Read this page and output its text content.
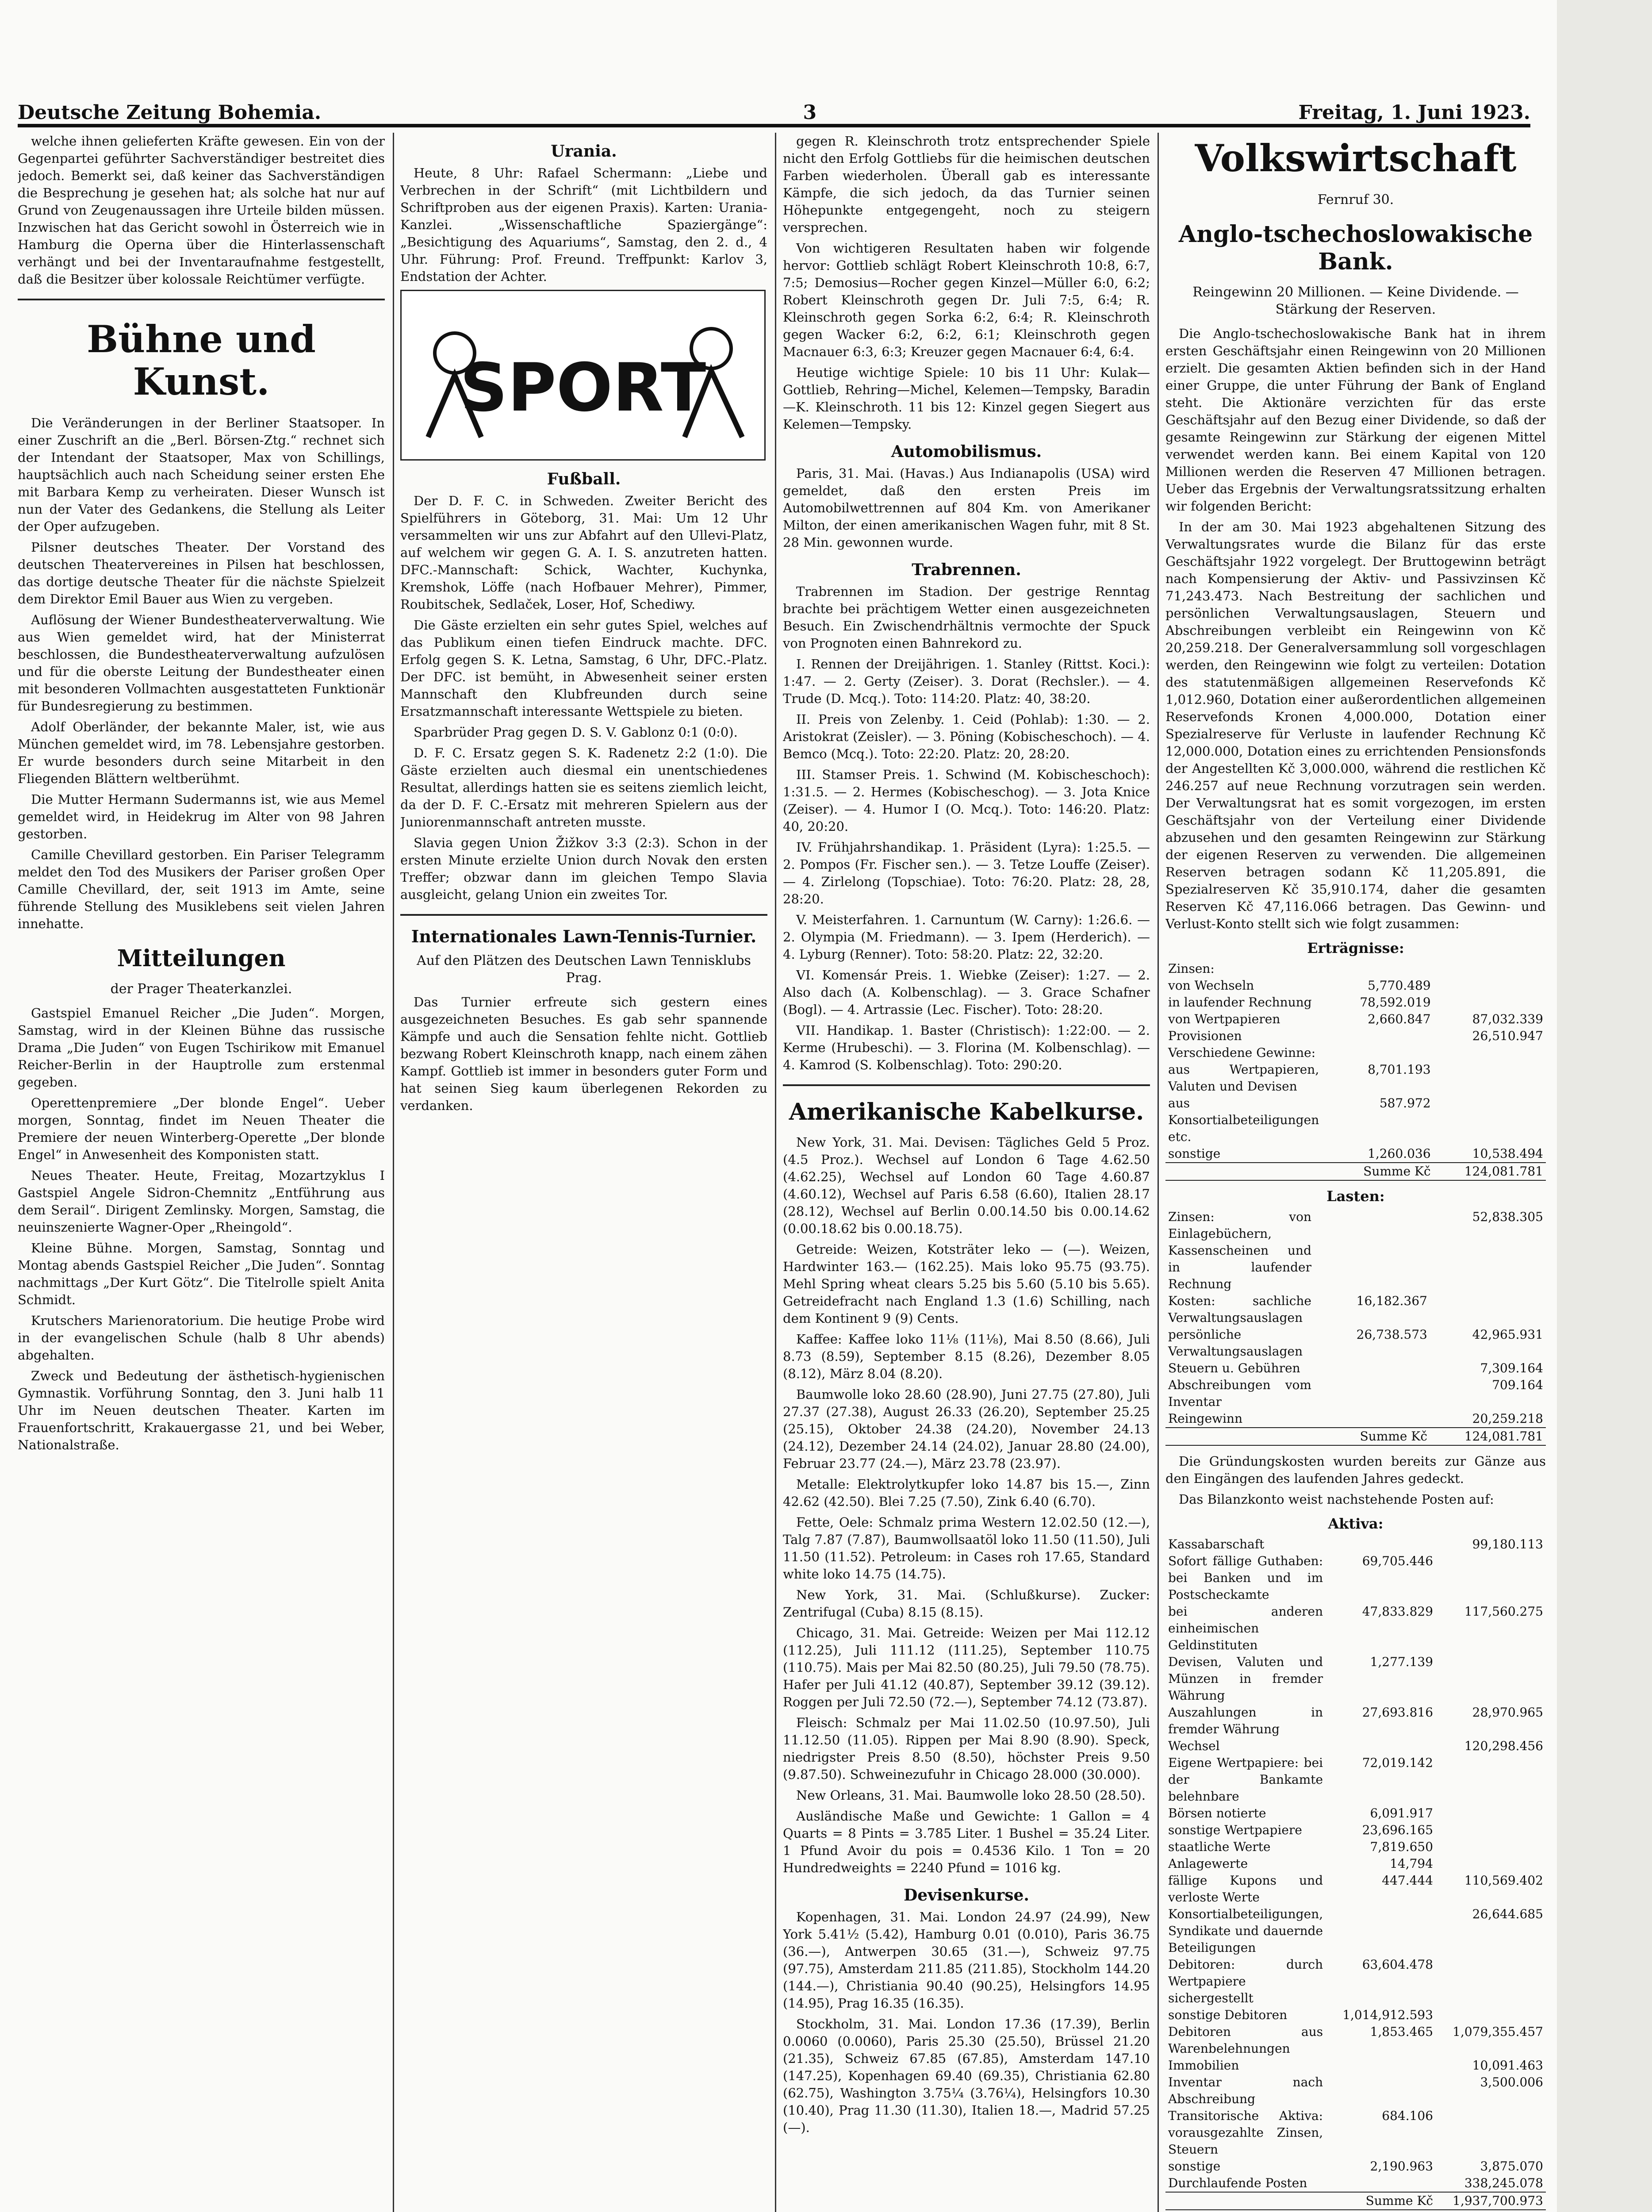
Deutsche Zeitung Bohemia.	3	Freitag, 1. Juni 1923.

welche ihnen gelieferten Kräfte gewesen. Ein von der Gegenpartei geführter Sachverständiger bestreitet dies jedoch. Bemerkt sei, daß keiner das Sachverständigen die Besprechung je gesehen hat; als solche hat nur auf Grund von Zeugenaussagen ihre Urteile bilden müssen. Inzwischen hat das Gericht sowohl in Österreich wie in Hamburg die Operna über die Hinterlassenschaft verhängt und bei der Inventaraufnahme festgestellt, daß die Besitzer über kolossale Reichtümer verfügte.

Bühne und Kunst.

Die Veränderungen in der Berliner Staatsoper. In einer Zuschrift an die „Berl. Börsen-Ztg.“ rechnet sich der Intendant der Staatsoper, Max von Schillings, hauptsächlich auch nach Scheidung seiner ersten Ehe mit Barbara Kemp zu verheiraten. Dieser Wunsch ist nun der Vater des Gedankens, die Stellung als Leiter der Oper aufzugeben.

Pilsner deutsches Theater. Der Vorstand des deutschen Theatervereines in Pilsen hat beschlossen, das dortige deutsche Theater für die nächste Spielzeit dem Direktor Emil Bauer aus Wien zu vergeben.

Auflösung der Wiener Bundestheaterverwaltung. Wie aus Wien gemeldet wird, hat der Ministerrat beschlossen, die Bundestheaterverwaltung aufzulösen und für die oberste Leitung der Bundestheater einen mit besonderen Vollmachten ausgestatteten Funktionär für Bundesregierung zu bestimmen.

Adolf Oberländer, der bekannte Maler, ist, wie aus München gemeldet wird, im 78. Lebensjahre gestorben. Er wurde besonders durch seine Mitarbeit in den Fliegenden Blättern weltberühmt.

Die Mutter Hermann Sudermanns ist, wie aus Memel gemeldet wird, in Heidekrug im Alter von 98 Jahren gestorben.

Camille Chevillard gestorben. Ein Pariser Telegramm meldet den Tod des Musikers der Pariser großen Oper Camille Chevillard, der, seit 1913 im Amte, seine führende Stellung des Musiklebens seit vielen Jahren innehatte.

Mitteilungen
der Prager Theaterkanzlei.

Gastspiel Emanuel Reicher „Die Juden“. Morgen, Samstag, wird in der Kleinen Bühne das russische Drama „Die Juden“ von Eugen Tschirikow mit Emanuel Reicher-Berlin in der Hauptrolle zum erstenmal gegeben.

Operettenpremiere „Der blonde Engel“. Ueber morgen, Sonntag, findet im Neuen Theater die Premiere der neuen Winterberg-Operette „Der blonde Engel“ in Anwesenheit des Komponisten statt.

Neues Theater. Heute, Freitag, Mozartzyklus I Gastspiel Angele Sidron-Chemnitz „Entführung aus dem Serail“. Dirigent Zemlinsky. Morgen, Samstag, die neuinszenierte Wagner-Oper „Rheingold“.

Kleine Bühne. Morgen, Samstag, Sonntag und Montag abends Gastspiel Reicher „Die Juden“. Sonntag nachmittags „Der Kurt Götz“. Die Titelrolle spielt Anita Schmidt.

Krutschers Marienoratorium. Die heutige Probe wird in der evangelischen Schule (halb 8 Uhr abends) abgehalten.

Zweck und Bedeutung der ästhetisch-hygienischen Gymnastik. Vorführung Sonntag, den 3. Juni halb 11 Uhr im Neuen deutschen Theater. Karten im Frauenfortschritt, Krakauergasse 21, und bei Weber, Nationalstraße.

Urania.

Heute, 8 Uhr: Rafael Schermann: „Liebe und Verbrechen in der Schrift“ (mit Lichtbildern und Schriftproben aus der eigenen Praxis). Karten: Urania-Kanzlei. „Wissenschaftliche Spaziergänge“: „Besichtigung des Aquariums“, Samstag, den 2. d., 4 Uhr. Führung: Prof. Freund. Treffpunkt: Karlov 3, Endstation der Achter.

SPORT
Fußball.

Der D. F. C. in Schweden. Zweiter Bericht des Spielführers in Göteborg, 31. Mai: Um 12 Uhr versammelten wir uns zur Abfahrt auf den Ullevi-Platz, auf welchem wir gegen G. A. I. S. anzutreten hatten. DFC.-Mannschaft: Schick, Wachter, Kuchynka, Kremshok, Löffe (nach Hofbauer Mehrer), Pimmer, Roubitschek, Sedlaček, Loser, Hof, Schediwy.

Die Gäste erzielten ein sehr gutes Spiel, welches auf das Publikum einen tiefen Eindruck machte. DFC. Erfolg gegen S. K. Letna, Samstag, 6 Uhr, DFC.-Platz. Der DFC. ist bemüht, in Abwesenheit seiner ersten Mannschaft den Klubfreunden durch seine Ersatzmannschaft interessante Wettspiele zu bieten.

Sparbrüder Prag gegen D. S. V. Gablonz 0:1 (0:0).

D. F. C. Ersatz gegen S. K. Radenetz 2:2 (1:0). Die Gäste erzielten auch diesmal ein unentschiedenes Resultat, allerdings hatten sie es seitens ziemlich leicht, da der D. F. C.-Ersatz mit mehreren Spielern aus der Juniorenmannschaft antreten musste.

Slavia gegen Union Žižkov 3:3 (2:3). Schon in der ersten Minute erzielte Union durch Novak den ersten Treffer; obzwar dann im gleichen Tempo Slavia ausgleicht, gelang Union ein zweites Tor.

Internationales Lawn-Tennis-Turnier.
Auf den Plätzen des Deutschen Lawn Tennisklubs Prag.

Das Turnier erfreute sich gestern eines ausgezeichneten Besuches. Es gab sehr spannende Kämpfe und auch die Sensation fehlte nicht. Gottlieb bezwang Robert Kleinschroth knapp, nach einem zähen Kampf. Gottlieb ist immer in besonders guter Form und hat seinen Sieg kaum überlegenen Rekorden zu verdanken.

gegen R. Kleinschroth trotz entsprechender Spiele nicht den Erfolg Gottliebs für die heimischen deutschen Farben wiederholen. Überall gab es interessante Kämpfe, die sich jedoch, da das Turnier seinen Höhepunkte entgegengeht, noch zu steigern versprechen.

Von wichtigeren Resultaten haben wir folgende hervor: Gottlieb schlägt Robert Kleinschroth 10:8, 6:7, 7:5; Demosius—Rocher gegen Kinzel—Müller 6:0, 6:2; Robert Kleinschroth gegen Dr. Juli 7:5, 6:4; R. Kleinschroth gegen Sorka 6:2, 6:4; R. Kleinschroth gegen Wacker 6:2, 6:2, 6:1; Kleinschroth gegen Macnauer 6:3, 6:3; Kreuzer gegen Macnauer 6:4, 6:4.

Heutige wichtige Spiele: 10 bis 11 Uhr: Kulak—Gottlieb, Rehring—Michel, Kelemen—Tempsky, Baradin—K. Kleinschroth. 11 bis 12: Kinzel gegen Siegert aus Kelemen—Tempsky.

Automobilismus.

Paris, 31. Mai. (Havas.) Aus Indianapolis (USA) wird gemeldet, daß den ersten Preis im Automobilwettrennen auf 804 Km. von Amerikaner Milton, der einen amerikanischen Wagen fuhr, mit 8 St. 28 Min. gewonnen wurde.

Trabrennen.

Trabrennen im Stadion. Der gestrige Renntag brachte bei prächtigem Wetter einen ausgezeichneten Besuch. Ein Zwischendrhältnis vermochte der Spuck von Prognoten einen Bahnrekord zu.

I. Rennen der Dreijährigen. 1. Stanley (Rittst. Koci.): 1:47. — 2. Gerty (Zeiser). 3. Dorat (Rechsler.). — 4. Trude (D. Mcq.). Toto: 114:20. Platz: 40, 38:20.

II. Preis von Zelenby. 1. Ceid (Pohlab): 1:30. — 2. Aristokrat (Zeisler). — 3. Pöning (Kobischeschoch). — 4. Bemco (Mcq.). Toto: 22:20. Platz: 20, 28:20.

III. Stamser Preis. 1. Schwind (M. Kobischeschoch): 1:31.5. — 2. Hermes (Kobischeschog). — 3. Jota Knice (Zeiser). — 4. Humor I (O. Mcq.). Toto: 146:20. Platz: 40, 20:20.

IV. Frühjahrshandikap. 1. Präsident (Lyra): 1:25.5. — 2. Pompos (Fr. Fischer sen.). — 3. Tetze Louffe (Zeiser). — 4. Zirlelong (Topschiae). Toto: 76:20. Platz: 28, 28, 28:20.

V. Meisterfahren. 1. Carnuntum (W. Carny): 1:26.6. — 2. Olympia (M. Friedmann). — 3. Ipem (Herderich). — 4. Lyburg (Renner). Toto: 58:20. Platz: 22, 32:20.

VI. Komensár Preis. 1. Wiebke (Zeiser): 1:27. — 2. Also dach (A. Kolbenschlag). — 3. Grace Schafner (Bogl). — 4. Artrassie (Lec. Fischer). Toto: 28:20.

VII. Handikap. 1. Baster (Christisch): 1:22:00. — 2. Kerme (Hrubeschi). — 3. Florina (M. Kolbenschlag). — 4. Kamrod (S. Kolbenschlag). Toto: 290:20.

Amerikanische Kabelkurse.

New York, 31. Mai. Devisen: Tägliches Geld 5 Proz. (4.5 Proz.). Wechsel auf London 6 Tage 4.62.50 (4.62.25), Wechsel auf London 60 Tage 4.60.87 (4.60.12), Wechsel auf Paris 6.58 (6.60), Italien 28.17 (28.12), Wechsel auf Berlin 0.00.14.50 bis 0.00.14.62 (0.00.18.62 bis 0.00.18.75).

Getreide: Weizen, Kotsträter leko — (—). Weizen, Hardwinter 163.— (162.25). Mais loko 95.75 (93.75). Mehl Spring wheat clears 5.25 bis 5.60 (5.10 bis 5.65). Getreidefracht nach England 1.3 (1.6) Schilling, nach dem Kontinent 9 (9) Cents.

Kaffee: Kaffee loko 11⅛ (11⅛), Mai 8.50 (8.66), Juli 8.73 (8.59), September 8.15 (8.26), Dezember 8.05 (8.12), März 8.04 (8.20).

Baumwolle loko 28.60 (28.90), Juni 27.75 (27.80), Juli 27.37 (27.38), August 26.33 (26.20), September 25.25 (25.15), Oktober 24.38 (24.20), November 24.13 (24.12), Dezember 24.14 (24.02), Januar 28.80 (24.00), Februar 23.77 (24.—), März 23.78 (23.97).

Metalle: Elektrolytkupfer loko 14.87 bis 15.—, Zinn 42.62 (42.50). Blei 7.25 (7.50), Zink 6.40 (6.70).

Fette, Oele: Schmalz prima Western 12.02.50 (12.—), Talg 7.87 (7.87), Baumwollsaatöl loko 11.50 (11.50), Juli 11.50 (11.52). Petroleum: in Cases roh 17.65, Standard white loko 14.75 (14.75).

New York, 31. Mai. (Schlußkurse). Zucker: Zentrifugal (Cuba) 8.15 (8.15).

Chicago, 31. Mai. Getreide: Weizen per Mai 112.12 (112.25), Juli 111.12 (111.25), September 110.75 (110.75). Mais per Mai 82.50 (80.25), Juli 79.50 (78.75). Hafer per Juli 41.12 (40.87), September 39.12 (39.12). Roggen per Juli 72.50 (72.—), September 74.12 (73.87).

Fleisch: Schmalz per Mai 11.02.50 (10.97.50), Juli 11.12.50 (11.05). Rippen per Mai 8.90 (8.90). Speck, niedrigster Preis 8.50 (8.50), höchster Preis 9.50 (9.87.50). Schweinezufuhr in Chicago 28.000 (30.000).

New Orleans, 31. Mai. Baumwolle loko 28.50 (28.50).

Ausländische Maße und Gewichte: 1 Gallon = 4 Quarts = 8 Pints = 3.785 Liter. 1 Bushel = 35.24 Liter. 1 Pfund Avoir du pois = 0.4536 Kilo. 1 Ton = 20 Hundredweights = 2240 Pfund = 1016 kg.

Devisenkurse.

Kopenhagen, 31. Mai. London 24.97 (24.99), New York 5.41½ (5.42), Hamburg 0.01 (0.010), Paris 36.75 (36.—), Antwerpen 30.65 (31.—), Schweiz 97.75 (97.75), Amsterdam 211.85 (211.85), Stockholm 144.20 (144.—), Christiania 90.40 (90.25), Helsingfors 14.95 (14.95), Prag 16.35 (16.35).

Stockholm, 31. Mai. London 17.36 (17.39), Berlin 0.0060 (0.0060), Paris 25.30 (25.50), Brüssel 21.20 (21.35), Schweiz 67.85 (67.85), Amsterdam 147.10 (147.25), Kopenhagen 69.40 (69.35), Christiania 62.80 (62.75), Washington 3.75¼ (3.76¼), Helsingfors 10.30 (10.40), Prag 11.30 (11.30), Italien 18.—, Madrid 57.25 (—).

Volkswirtschaft
Fernruf 30.
Anglo-tschechoslowakische Bank.
Reingewinn 20 Millionen. — Keine Dividende. — Stärkung der Reserven.

Die Anglo-tschechoslowakische Bank hat in ihrem ersten Geschäftsjahr einen Reingewinn von 20 Millionen erzielt. Die gesamten Aktien befinden sich in der Hand einer Gruppe, die unter Führung der Bank of England steht. Die Aktionäre verzichten für das erste Geschäftsjahr auf den Bezug einer Dividende, so daß der gesamte Reingewinn zur Stärkung der eigenen Mittel verwendet werden kann. Bei einem Kapital von 120 Millionen werden die Reserven 47 Millionen betragen. Ueber das Ergebnis der Verwaltungsratssitzung erhalten wir folgenden Bericht:

In der am 30. Mai 1923 abgehaltenen Sitzung des Verwaltungsrates wurde die Bilanz für das erste Geschäftsjahr 1922 vorgelegt. Der Bruttogewinn beträgt nach Kompensierung der Aktiv- und Passivzinsen Kč 71,243.473. Nach Bestreitung der sachlichen und persönlichen Verwaltungsauslagen, Steuern und Abschreibungen verbleibt ein Reingewinn von Kč 20,259.218. Der Generalversammlung soll vorgeschlagen werden, den Reingewinn wie folgt zu verteilen: Dotation des statutenmäßigen allgemeinen Reservefonds Kč 1,012.960, Dotation einer außerordentlichen allgemeinen Reservefonds Kronen 4,000.000, Dotation einer Spezialreserve für Verluste in laufender Rechnung Kč 12,000.000, Dotation eines zu errichtenden Pensionsfonds der Angestellten Kč 3,000.000, während die restlichen Kč 246.257 auf neue Rechnung vorzutragen sein werden. Der Verwaltungsrat hat es somit vorgezogen, im ersten Geschäftsjahr von der Verteilung einer Dividende abzusehen und den gesamten Reingewinn zur Stärkung der eigenen Reserven zu verwenden. Die allgemeinen Reserven betragen sodann Kč 11,205.891, die Spezialreserven Kč 35,910.174, daher die gesamten Reserven Kč 47,116.066 betragen. Das Gewinn- und Verlust-Konto stellt sich wie folgt zusammen:

Erträgnisse:
Zinsen:		
von Wechseln	5,770.489	
in laufender Rechnung	78,592.019	
von Wertpapieren	2,660.847	87,032.339
Provisionen		26,510.947
Verschiedene Gewinne:		
aus Wertpapieren, Valuten und Devisen	8,701.193	
aus Konsortialbeteiligungen etc.	587.972	
sonstige	1,260.036	10,538.494
Summe Kč		124,081.781
Lasten:
Zinsen: von Einlagebüchern, Kassenscheinen und in laufender Rechnung		52,838.305
Kosten: sachliche Verwaltungsauslagen	16,182.367	
persönliche Verwaltungsauslagen	26,738.573	42,965.931
Steuern u. Gebühren		7,309.164
Abschreibungen vom Inventar		709.164
Reingewinn		20,259.218
Summe Kč		124,081.781

Die Gründungskosten wurden bereits zur Gänze aus den Eingängen des laufenden Jahres gedeckt.

Das Bilanzkonto weist nachstehende Posten auf:

Aktiva:
Kassabarschaft		99,180.113
Sofort fällige Guthaben: bei Banken und im Postscheckamte	69,705.446	
bei anderen einheimischen Geldinstituten	47,833.829	117,560.275
Devisen, Valuten und Münzen in fremder Währung	1,277.139	
Auszahlungen in fremder Währung	27,693.816	28,970.965
Wechsel		120,298.456
Eigene Wertpapiere: bei der Bankamte belehnbare	72,019.142	
Börsen notierte	6,091.917	
sonstige Wertpapiere	23,696.165	
staatliche Werte	7,819.650	
Anlagewerte	14,794	
fällige Kupons und verloste Werte	447.444	110,569.402
Konsortialbeteiligungen, Syndikate und dauernde Beteiligungen		26,644.685
Debitoren: durch Wertpapiere sichergestellt	63,604.478	
sonstige Debitoren	1,014,912.593	
Debitoren aus Warenbelehnungen	1,853.465	1,079,355.457
Immobilien		10,091.463
Inventar nach Abschreibung		3,500.006
Transitorische Aktiva: vorausgezahlte Zinsen, Steuern	684.106	
sonstige	2,190.963	3,875.070
Durchlaufende Posten		338,245.078
Summe Kč		1,937,700.973
